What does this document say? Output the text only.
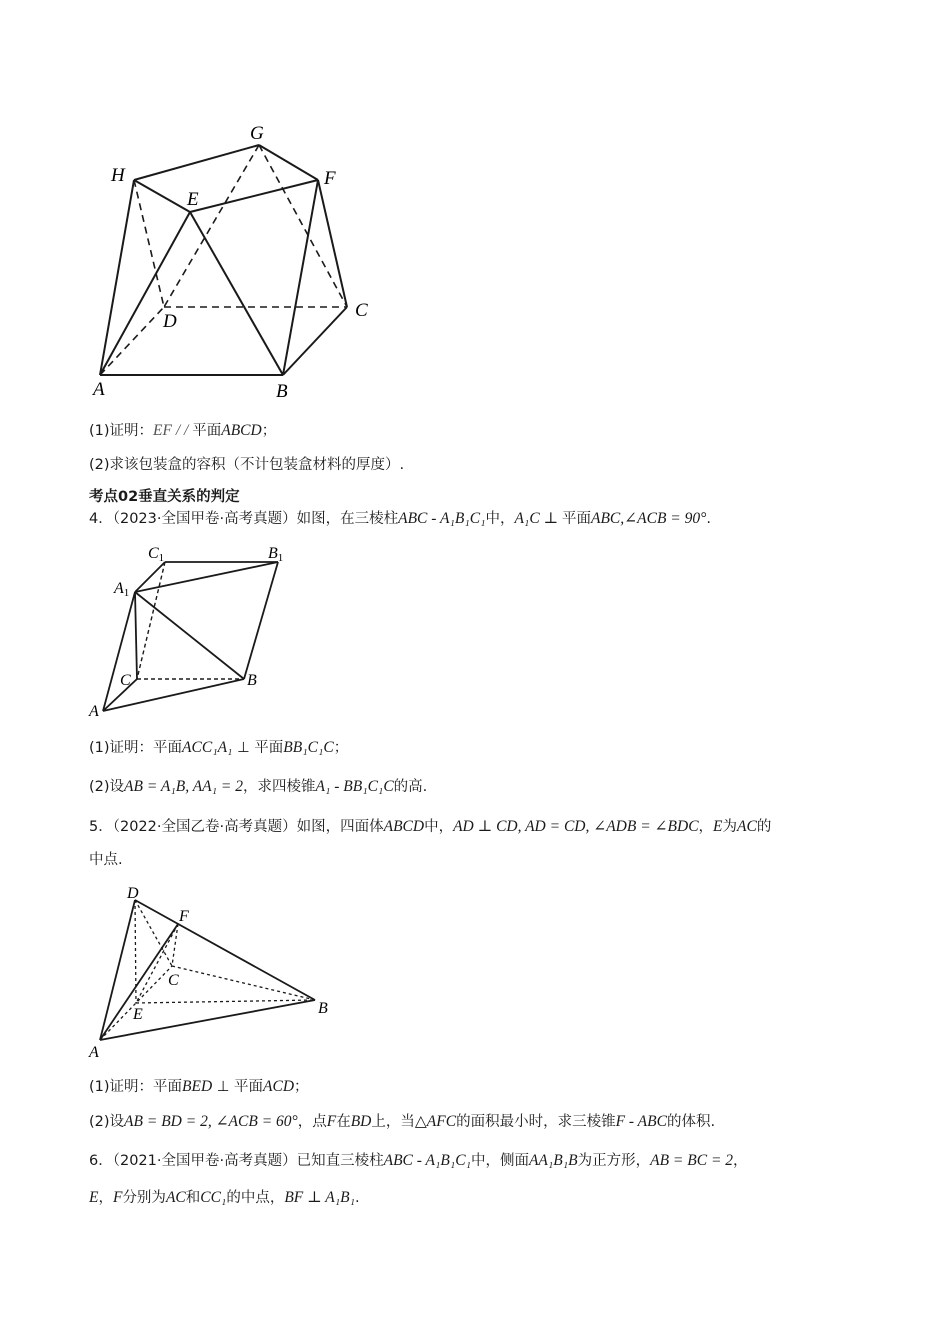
G
H	F
E
D
C
A	B
(1)证明：EF / / 平面ABCD；
(2)求该包装盒的容积（不计包装盒材料的厚度）.
考点02垂直关系的判定
4．（2023·全国甲卷·高考真题）如图，在三棱柱ABC - A₁B₁C₁中，A₁C ⊥ 平面ABC,∠ACB = 90°.
C1	B1
A1
C	B
A
(1)证明：平面ACC₁A₁ ⊥ 平面BB₁C₁C；
(2)设AB = A₁B, AA₁ = 2，求四棱锥A₁ - BB₁C₁C的高.
5．（2022·全国乙卷·高考真题）如图，四面体ABCD中，AD ⊥ CD, AD = CD, ∠ADB = ∠BDC，E为AC的
中点.
D
F
C
E	B
A
(1)证明：平面BED ⊥ 平面ACD；
(2)设AB = BD = 2, ∠ACB = 60°，点F在BD上，当△AFC的面积最小时，求三棱锥F - ABC的体积.
6．（2021·全国甲卷·高考真题）已知直三棱柱ABC - A₁B₁C₁中，侧面AA₁B₁B为正方形，AB = BC = 2，
E，F分别为AC和CC₁的中点，BF ⊥ A₁B₁.
